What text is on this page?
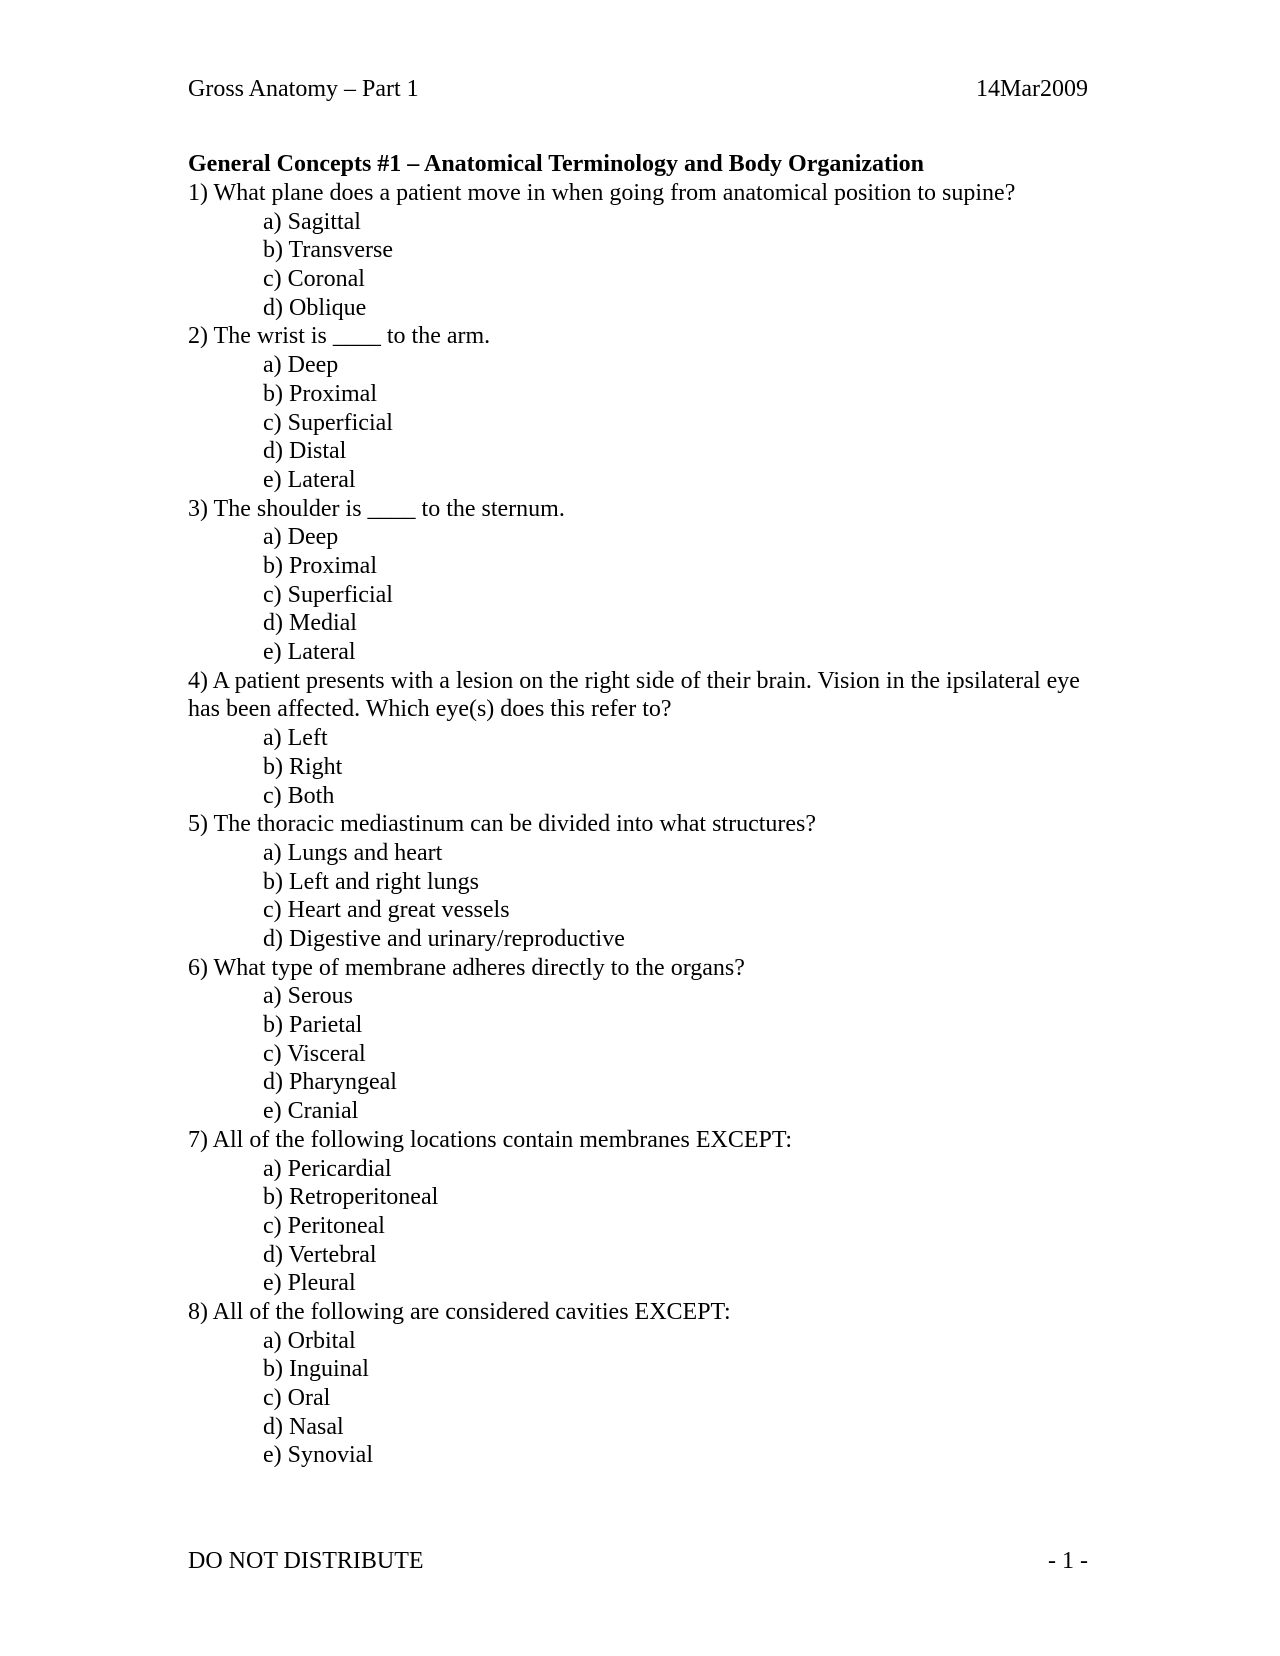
Gross Anatomy – Part 1	14Mar2009
General Concepts #1 – Anatomical Terminology and Body Organization
1) What plane does a patient move in when going from anatomical position to supine?
a) Sagittal
b) Transverse
c) Coronal
d) Oblique
2) The wrist is ____ to the arm.
a) Deep
b) Proximal
c) Superficial
d) Distal
e) Lateral
3) The shoulder is ____ to the sternum.
a) Deep
b) Proximal
c) Superficial
d) Medial
e) Lateral
4) A patient presents with a lesion on the right side of their brain. Vision in the ipsilateral eye has been affected. Which eye(s) does this refer to?
a) Left
b) Right
c) Both
5) The thoracic mediastinum can be divided into what structures?
a) Lungs and heart
b) Left and right lungs
c) Heart and great vessels
d) Digestive and urinary/reproductive
6) What type of membrane adheres directly to the organs?
a) Serous
b) Parietal
c) Visceral
d) Pharyngeal
e) Cranial
7) All of the following locations contain membranes EXCEPT:
a) Pericardial
b) Retroperitoneal
c) Peritoneal
d) Vertebral
e) Pleural
8) All of the following are considered cavities EXCEPT:
a) Orbital
b) Inguinal
c) Oral
d) Nasal
e) Synovial
DO NOT DISTRIBUTE	- 1 -
